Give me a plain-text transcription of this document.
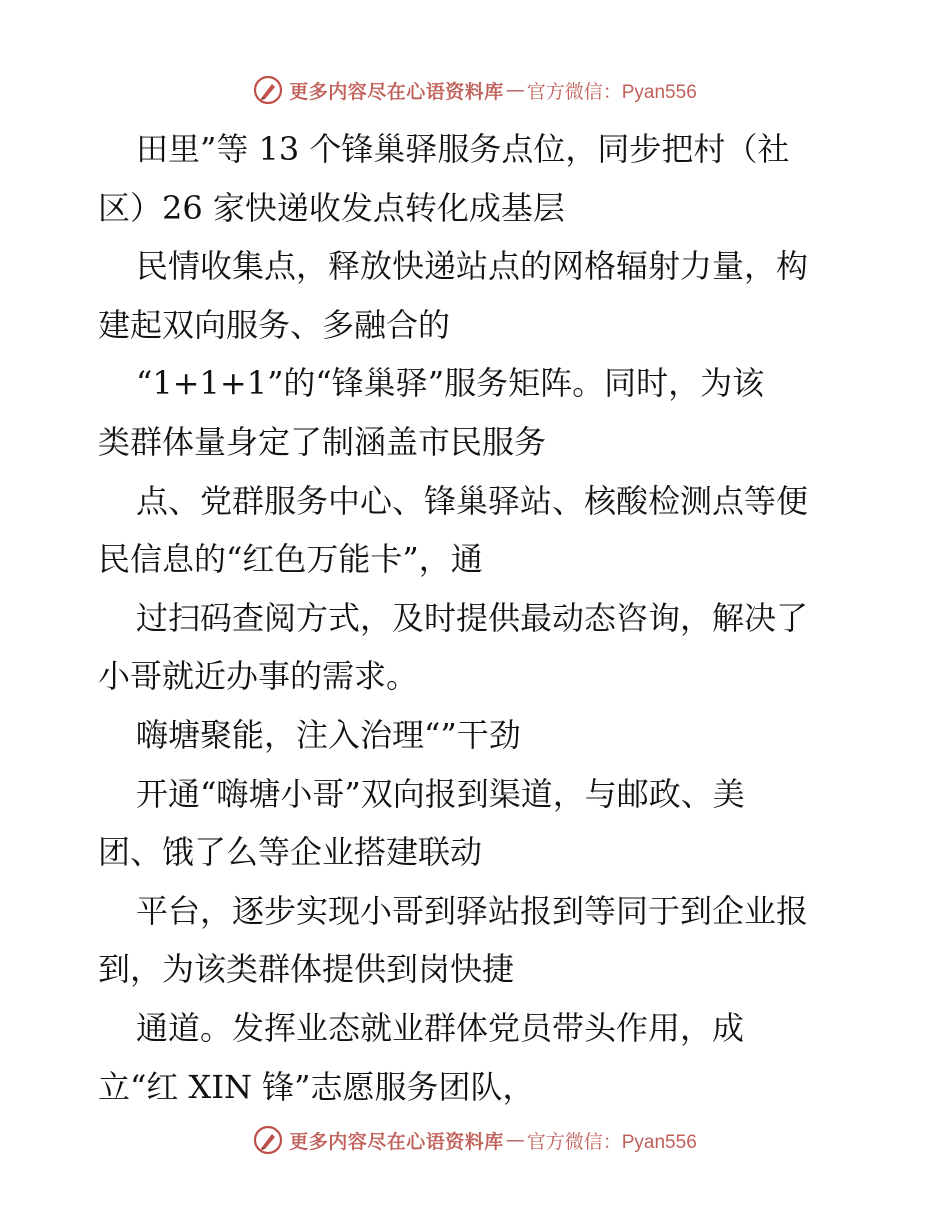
更多内容尽在心语资料库 — 官方微信：Pyan556
田里”等 13 个锋巢驿服务点位，同步把村（社
区）26 家快递收发点转化成基层
民情收集点，释放快递站点的网格辐射力量，构
建起双向服务、多融合的
“1+1+1”的“锋巢驿”服务矩阵。同时，为该
类群体量身定了制涵盖市民服务
点、党群服务中心、锋巢驿站、核酸检测点等便
民信息的“红色万能卡”，通
过扫码查阅方式，及时提供最动态咨询，解决了
小哥就近办事的需求。
嗨塘聚能，注入治理“”干劲
开通“嗨塘小哥”双向报到渠道，与邮政、美
团、饿了么等企业搭建联动
平台，逐步实现小哥到驿站报到等同于到企业报
到，为该类群体提供到岗快捷
通道。发挥业态就业群体党员带头作用，成
立“红 XIN 锋”志愿服务团队，
更多内容尽在心语资料库 — 官方微信：Pyan556
